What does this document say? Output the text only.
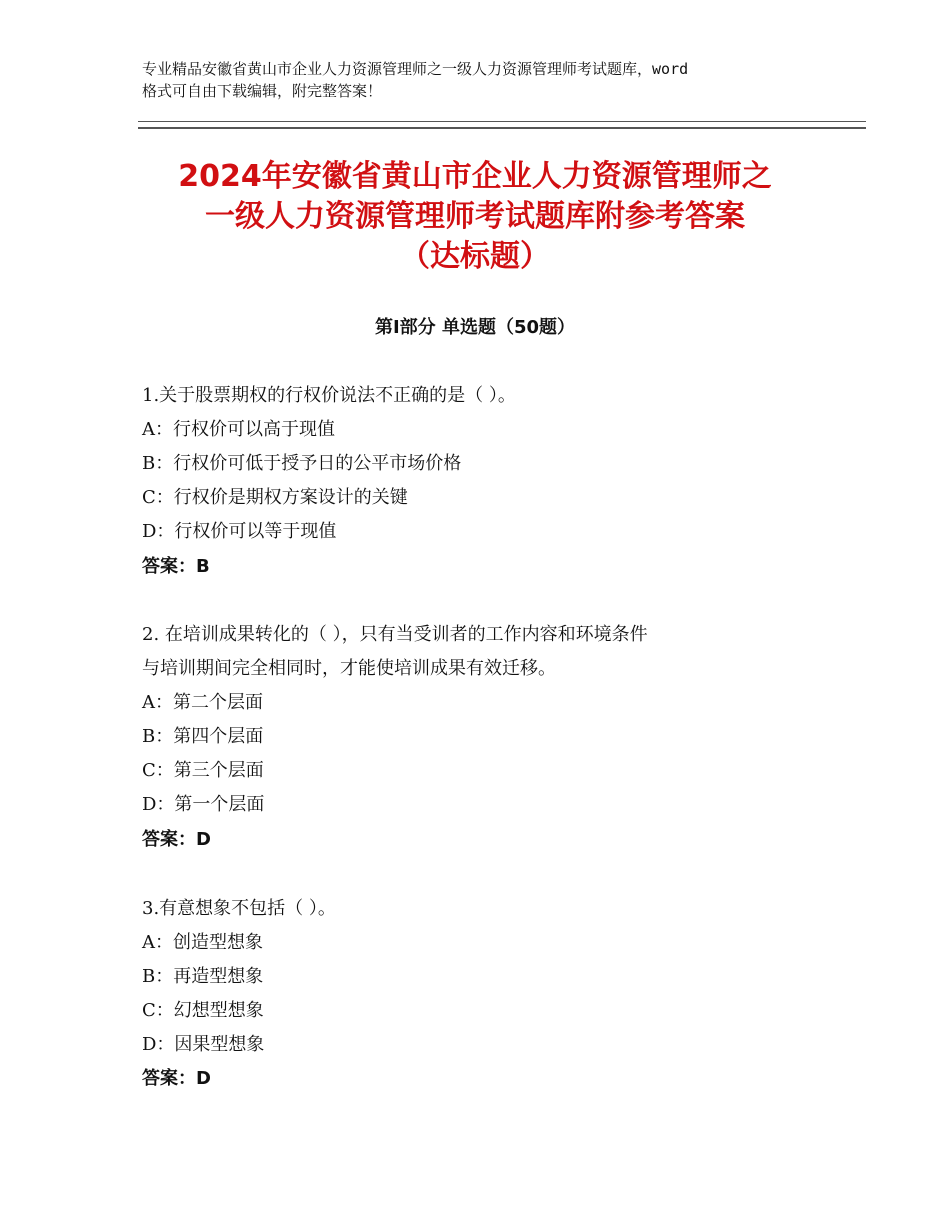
专业精品安徽省黄山市企业人力资源管理师之一级人力资源管理师考试题库，word
格式可自由下载编辑，附完整答案！
2024年安徽省黄山市企业人力资源管理师之
一级人力资源管理师考试题库附参考答案
（达标题）
第Ⅰ部分 单选题（50题）
1.关于股票期权的行权价说法不正确的是（ ）。
A：行权价可以高于现值
B：行权价可低于授予日的公平市场价格
C：行权价是期权方案设计的关键
D：行权价可以等于现值
答案：B
2. 在培训成果转化的（ ），只有当受训者的工作内容和环境条件
与培训期间完全相同时，才能使培训成果有效迁移。
A：第二个层面
B：第四个层面
C：第三个层面
D：第一个层面
答案：D
3.有意想象不包括（ ）。
A：创造型想象
B：再造型想象
C：幻想型想象
D：因果型想象
答案：D
